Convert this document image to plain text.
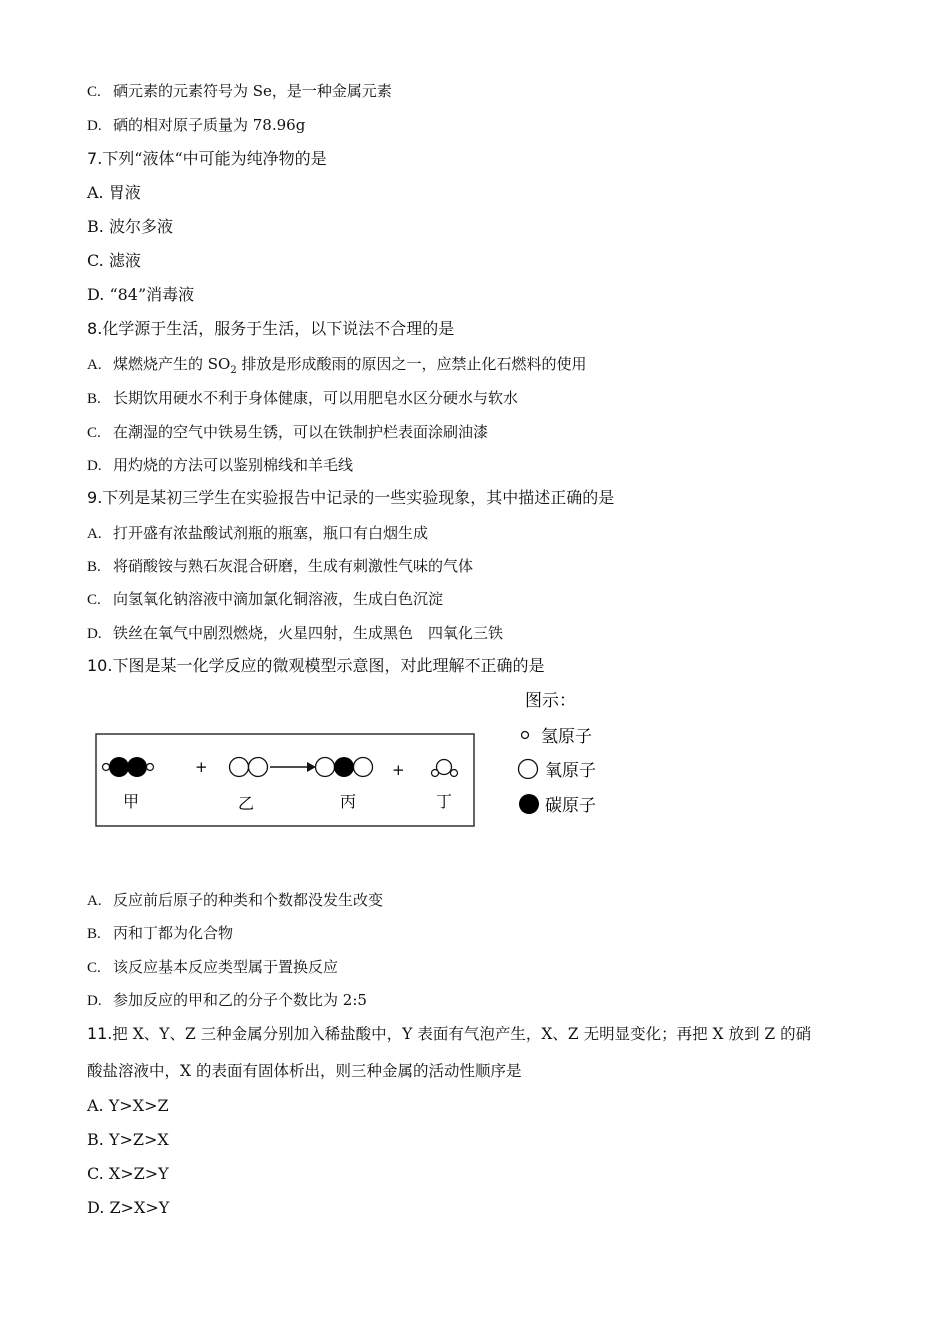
C. 硒元素的元素符号为 Se，是一种金属元素
D. 硒的相对原子质量为 78.96g
7.下列“液体“中可能为纯净物的是
A. 胃液
B. 波尔多液
C. 滤液
D. “84”消毒液
8.化学源于生活，服务于生活，以下说法不合理的是
A. 煤燃烧产生的 $SO_2$ 排放是形成酸雨的原因之一，应禁止化石燃料的使用
B. 长期饮用硬水不利于身体健康，可以用肥皂水区分硬水与软水
C. 在潮湿的空气中铁易生锈，可以在铁制护栏表面涂刷油漆
D. 用灼烧的方法可以鉴别棉线和羊毛线
9.下列是某初三学生在实验报告中记录的一些实验现象，其中描述正确的是
A. 打开盛有浓盐酸试剂瓶的瓶塞，瓶口有白烟生成
B. 将硝酸铵与熟石灰混合研磨，生成有刺激性气味的气体
C. 向氢氧化钠溶液中滴加氯化铜溶液，生成白色沉淀
D. 铁丝在氧气中剧烈燃烧，火星四射，生成黑色　四氧化三铁
10.下图是某一化学反应的微观模型示意图，对此理解不正确的是
+	+
甲	乙	丙	丁
图示：
氢原子
氧原子
碳原子
A. 反应前后原子的种类和个数都没发生改变
B. 丙和丁都为化合物
C. 该反应基本反应类型属于置换反应
D. 参加反应的甲和乙的分子个数比为 2:5
11.把 X、Y、Z 三种金属分别加入稀盐酸中，Y 表面有气泡产生，X、Z 无明显变化；再把 X 放到 Z 的硝
酸盐溶液中，X 的表面有固体析出，则三种金属的活动性顺序是
A. Y>X>Z
B. Y>Z>X
C. X>Z>Y
D. Z>X>Y
